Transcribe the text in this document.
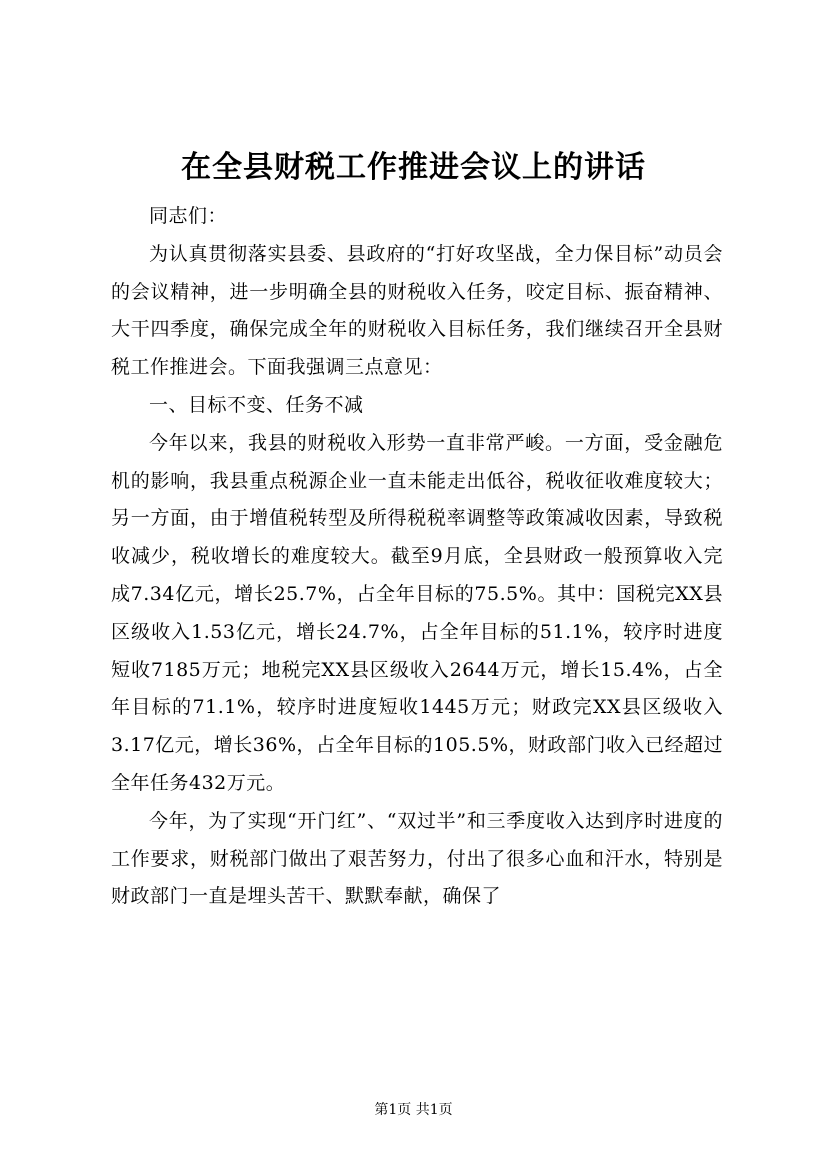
在全县财税工作推进会议上的讲话

同志们：

为认真贯彻落实县委、县政府的“打好攻坚战，全力保目标”动员会的会议精神，进一步明确全县的财税收入任务，咬定目标、振奋精神、大干四季度，确保完成全年的财税收入目标任务，我们继续召开全县财税工作推进会。下面我强调三点意见：

一、目标不变、任务不减

今年以来，我县的财税收入形势一直非常严峻。一方面，受金融危机的影响，我县重点税源企业一直未能走出低谷，税收征收难度较大；另一方面，由于增值税转型及所得税税率调整等政策减收因素，导致税收减少，税收增长的难度较大。截至9月底，全县财政一般预算收入完成7.34亿元，增长25.7%，占全年目标的75.5%。其中：国税完XX县区级收入1.53亿元，增长24.7%，占全年目标的51.1%，较序时进度短收7185万元；地税完XX县区级收入2644万元，增长15.4%，占全年目标的71.1%，较序时进度短收1445万元；财政完XX县区级收入3.17亿元，增长36%，占全年目标的105.5%，财政部门收入已经超过全年任务432万元。

今年，为了实现“开门红”、“双过半”和三季度收入达到序时进度的工作要求，财税部门做出了艰苦努力，付出了很多心血和汗水，特别是财政部门一直是埋头苦干、默默奉献，确保了

第1页 共1页
